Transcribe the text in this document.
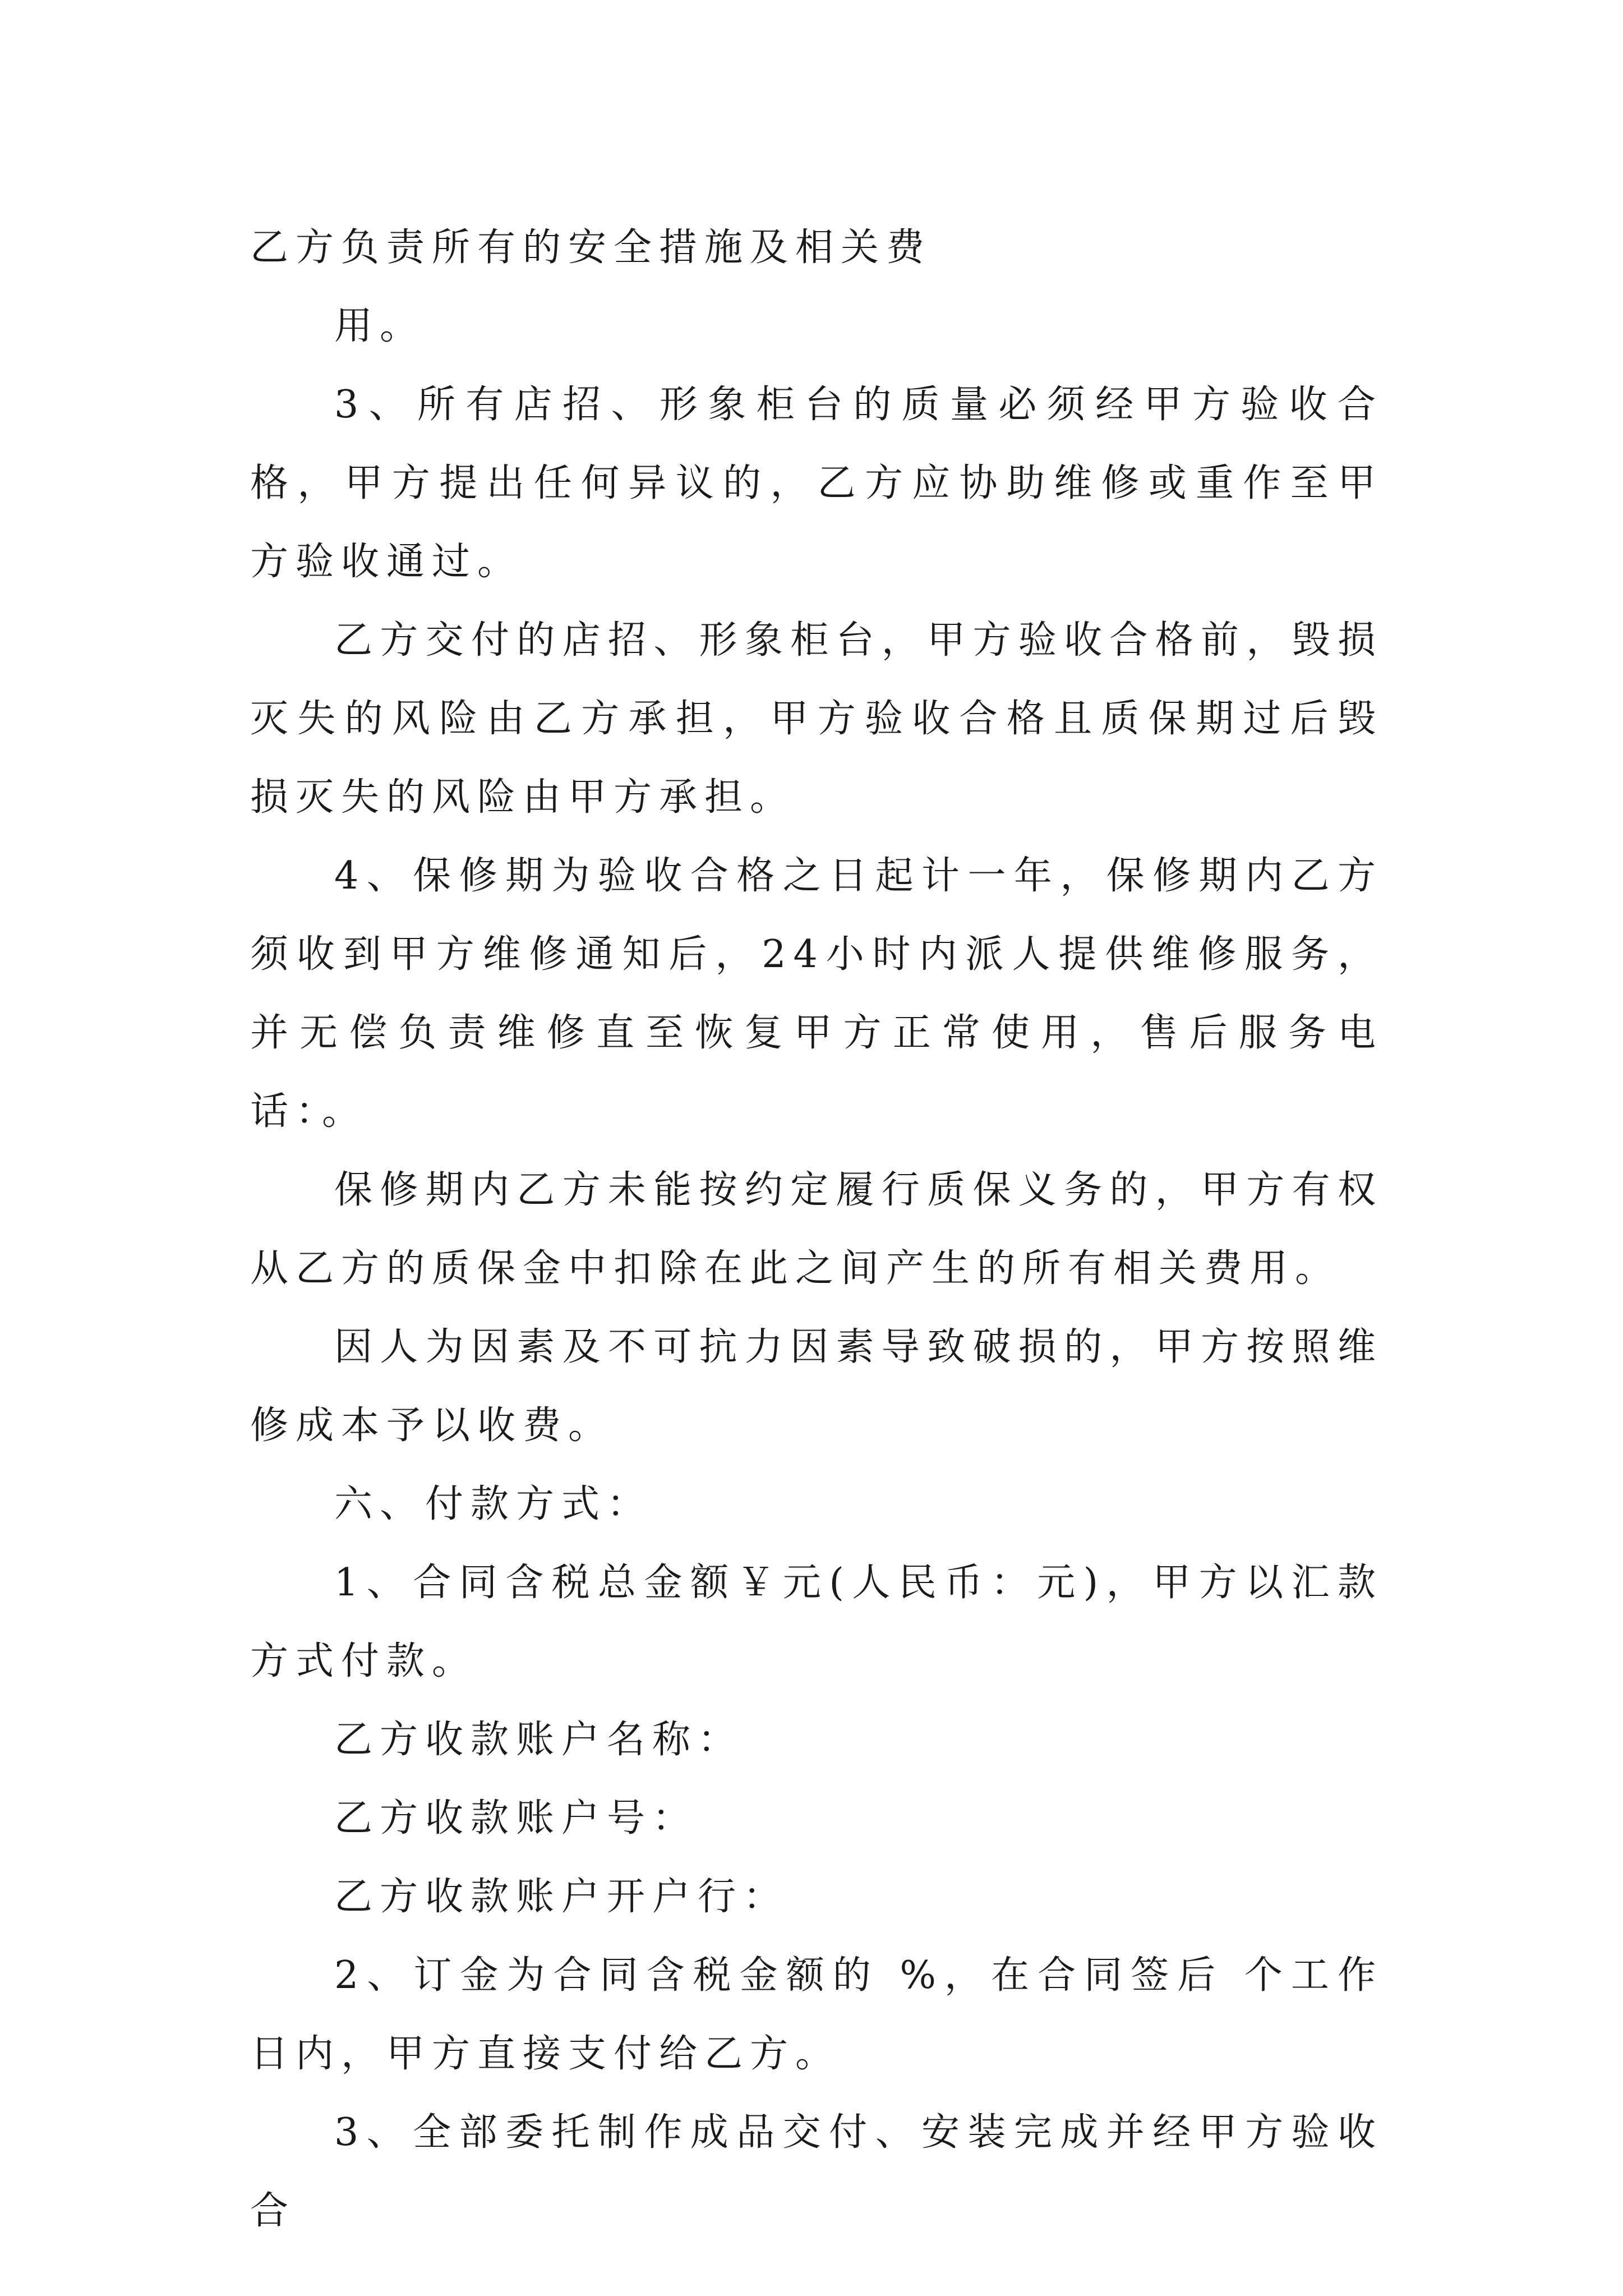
乙方负责所有的安全措施及相关费

用。

3、所有店招、形象柜台的质量必须经甲方验收合格，甲方提出任何异议的，乙方应协助维修或重作至甲方验收通过。

乙方交付的店招、形象柜台，甲方验收合格前，毁损灭失的风险由乙方承担，甲方验收合格且质保期过后毁损灭失的风险由甲方承担。

4、保修期为验收合格之日起计一年，保修期内乙方须收到甲方维修通知后，24小时内派人提供维修服务，并无偿负责维修直至恢复甲方正常使用，售后服务电话：。

保修期内乙方未能按约定履行质保义务的，甲方有权从乙方的质保金中扣除在此之间产生的所有相关费用。

因人为因素及不可抗力因素导致破损的，甲方按照维修成本予以收费。

六、付款方式：

1、合同含税总金额￥元(人民币：元)，甲方以汇款方式付款。

乙方收款账户名称：

乙方收款账户号：

乙方收款账户开户行：

2、订金为合同含税金额的 %，在合同签后 个工作日内，甲方直接支付给乙方。

3、全部委托制作成品交付、安装完成并经甲方验收合
